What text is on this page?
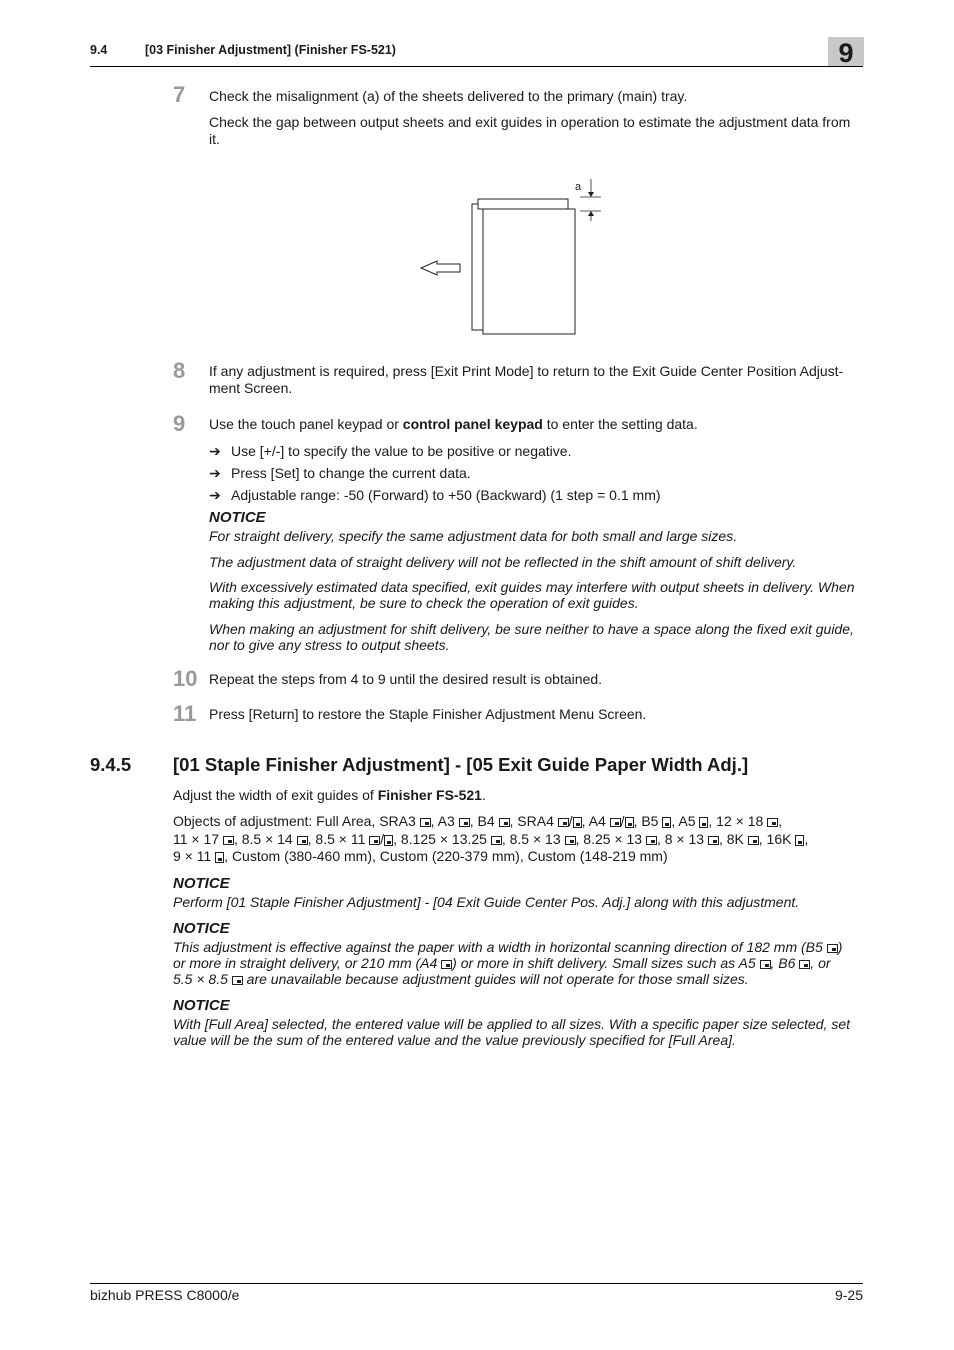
9.4	[03 Finisher Adjustment] (Finisher FS-521)	9
7	Check the misalignment (a) of the sheets delivered to the primary (main) tray.
Check the gap between output sheets and exit guides in operation to estimate the adjustment data from it.
a
8	If any adjustment is required, press [Exit Print Mode] to return to the Exit Guide Center Position Adjust-ment Screen.
9	Use the touch panel keypad or control panel keypad to enter the setting data.
➔ Use [+/-] to specify the value to be positive or negative.
➔ Press [Set] to change the current data.
➔ Adjustable range: -50 (Forward) to +50 (Backward) (1 step = 0.1 mm)
NOTICE
For straight delivery, specify the same adjustment data for both small and large sizes.
The adjustment data of straight delivery will not be reflected in the shift amount of shift delivery.
With excessively estimated data specified, exit guides may interfere with output sheets in delivery. When
making this adjustment, be sure to check the operation of exit guides.
When making an adjustment for shift delivery, be sure neither to have a space along the fixed exit guide,
nor to give any stress to output sheets.
10 Repeat the steps from 4 to 9 until the desired result is obtained.
11 Press [Return] to restore the Staple Finisher Adjustment Menu Screen.
9.4.5 [01 Staple Finisher Adjustment] - [05 Exit Guide Paper Width Adj.]
Adjust the width of exit guides of Finisher FS-521.
Objects of adjustment: Full Area, SRA3 , A3 , B4 , SRA4 / , A4 / , B5 , A5 , 12 × 18 ,
11 × 17 , 8.5 × 14 , 8.5 × 11 / , 8.125 × 13.25 , 8.5 × 13 , 8.25 × 13 , 8 × 13 , 8K , 16K ,
9 × 11 , Custom (380-460 mm), Custom (220-379 mm), Custom (148-219 mm)
NOTICE
Perform [01 Staple Finisher Adjustment] - [04 Exit Guide Center Pos. Adj.] along with this adjustment.
NOTICE
This adjustment is effective against the paper with a width in horizontal scanning direction of 182 mm (B5 )
or more in straight delivery, or 210 mm (A4 ) or more in shift delivery. Small sizes such as A5 , B6 , or
5.5 × 8.5 are unavailable because adjustment guides will not operate for those small sizes.
NOTICE
With [Full Area] selected, the entered value will be applied to all sizes. With a specific paper size selected, set
value will be the sum of the entered value and the value previously specified for [Full Area].
bizhub PRESS C8000/e	9-25
